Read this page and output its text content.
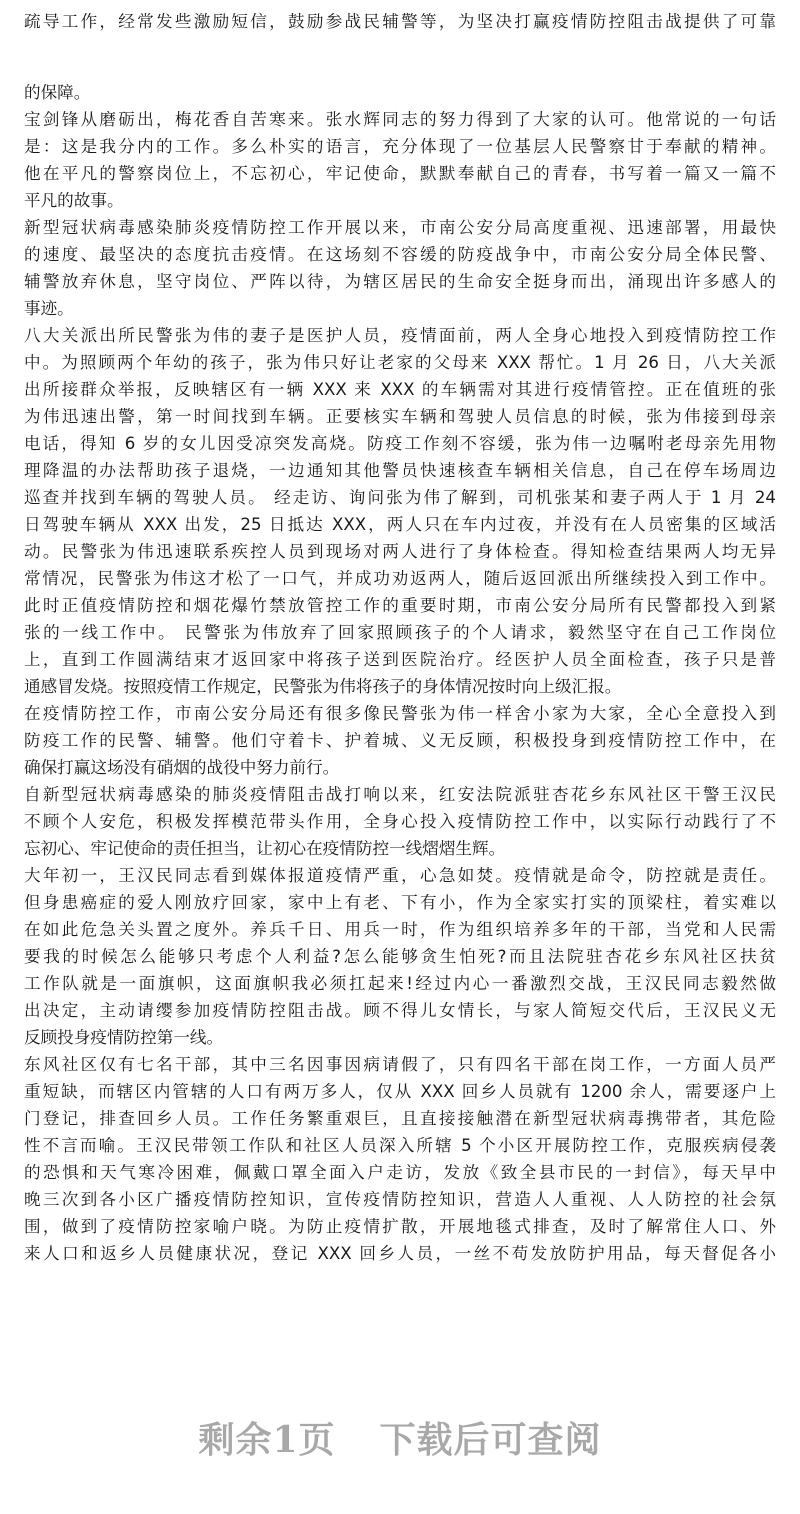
疏导工作，经常发些激励短信，鼓励参战民辅警等，为坚决打赢疫情防控阻击战提供了可靠
的保障。
宝剑锋从磨砺出，梅花香自苦寒来。张水辉同志的努力得到了大家的认可。他常说的一句话
是：这是我分内的工作。多么朴实的语言，充分体现了一位基层人民警察甘于奉献的精神。
他在平凡的警察岗位上，不忘初心，牢记使命，默默奉献自己的青春，书写着一篇又一篇不
平凡的故事。
新型冠状病毒感染肺炎疫情防控工作开展以来，市南公安分局高度重视、迅速部署，用最快
的速度、最坚决的态度抗击疫情。在这场刻不容缓的防疫战争中，市南公安分局全体民警、
辅警放弃休息，坚守岗位、严阵以待，为辖区居民的生命安全挺身而出，涌现出许多感人的
事迹。
八大关派出所民警张为伟的妻子是医护人员，疫情面前，两人全身心地投入到疫情防控工作
中。为照顾两个年幼的孩子，张为伟只好让老家的父母来 XXX 帮忙。1 月 26 日，八大关派
出所接群众举报，反映辖区有一辆 XXX 来 XXX 的车辆需对其进行疫情管控。正在值班的张
为伟迅速出警，第一时间找到车辆。正要核实车辆和驾驶人员信息的时候，张为伟接到母亲
电话，得知 6 岁的女儿因受凉突发高烧。防疫工作刻不容缓，张为伟一边嘱咐老母亲先用物
理降温的办法帮助孩子退烧，一边通知其他警员快速核查车辆相关信息，自己在停车场周边
巡查并找到车辆的驾驶人员。 经走访、询问张为伟了解到，司机张某和妻子两人于 1 月 24
日驾驶车辆从 XXX 出发，25 日抵达 XXX，两人只在车内过夜，并没有在人员密集的区域活
动。民警张为伟迅速联系疾控人员到现场对两人进行了身体检查。得知检查结果两人均无异
常情况，民警张为伟这才松了一口气，并成功劝返两人，随后返回派出所继续投入到工作中。
此时正值疫情防控和烟花爆竹禁放管控工作的重要时期，市南公安分局所有民警都投入到紧
张的一线工作中。 民警张为伟放弃了回家照顾孩子的个人请求，毅然坚守在自己工作岗位
上，直到工作圆满结束才返回家中将孩子送到医院治疗。经医护人员全面检查，孩子只是普
通感冒发烧。按照疫情工作规定，民警张为伟将孩子的身体情况按时向上级汇报。
在疫情防控工作，市南公安分局还有很多像民警张为伟一样舍小家为大家，全心全意投入到
防疫工作的民警、辅警。他们守着卡、护着城、义无反顾，积极投身到疫情防控工作中，在
确保打赢这场没有硝烟的战役中努力前行。
自新型冠状病毒感染的肺炎疫情阻击战打响以来，红安法院派驻杏花乡东风社区干警王汉民
不顾个人安危，积极发挥模范带头作用，全身心投入疫情防控工作中，以实际行动践行了不
忘初心、牢记使命的责任担当，让初心在疫情防控一线熠熠生辉。
大年初一，王汉民同志看到媒体报道疫情严重，心急如焚。疫情就是命令，防控就是责任。
但身患癌症的爱人刚放疗回家，家中上有老、下有小，作为全家实打实的顶梁柱，着实难以
在如此危急关头置之度外。养兵千日、用兵一时，作为组织培养多年的干部，当党和人民需
要我的时候怎么能够只考虑个人利益?怎么能够贪生怕死?而且法院驻杏花乡东风社区扶贫
工作队就是一面旗帜，这面旗帜我必须扛起来!经过内心一番激烈交战，王汉民同志毅然做
出决定，主动请缨参加疫情防控阻击战。顾不得儿女情长，与家人简短交代后，王汉民义无
反顾投身疫情防控第一线。
东风社区仅有七名干部，其中三名因事因病请假了，只有四名干部在岗工作，一方面人员严
重短缺，而辖区内管辖的人口有两万多人，仅从 XXX 回乡人员就有 1200 余人，需要逐户上
门登记，排查回乡人员。工作任务繁重艰巨，且直接接触潜在新型冠状病毒携带者，其危险
性不言而喻。王汉民带领工作队和社区人员深入所辖 5 个小区开展防控工作，克服疾病侵袭
的恐惧和天气寒冷困难，佩戴口罩全面入户走访，发放《致全县市民的一封信》，每天早中
晚三次到各小区广播疫情防控知识，宣传疫情防控知识，营造人人重视、人人防控的社会氛
围，做到了疫情防控家喻户晓。为防止疫情扩散，开展地毯式排查，及时了解常住人口、外
来人口和返乡人员健康状况，登记 XXX 回乡人员，一丝不苟发放防护用品，每天督促各小
剩余1页 下载后可查阅
